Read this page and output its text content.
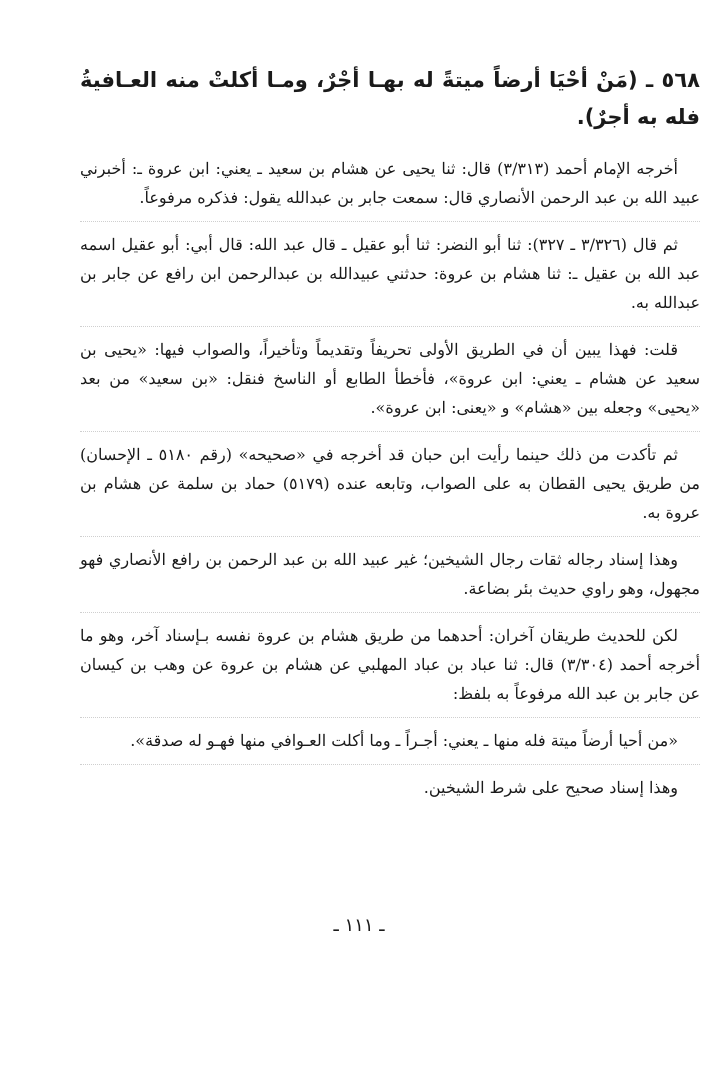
٥٦٨ ـ (مَنْ أحْيَا أرضاً ميتةً له بهـا أجْرٌ، ومـا أكلتْ منه العـافيةُ فله به أجرٌ).

أخرجه الإمام أحمد (٣/٣١٣) قال: ثنا يحيى عن هشام بن سعيد ـ يعني: ابن عروة ـ: أخبرني عبيد الله بن عبد الرحمن الأنصاري قال: سمعت جابر بن عبدالله يقول: فذكره مرفوعاً.

ثم قال (٣/٣٢٦ ـ ٣٢٧): ثنا أبو النضر: ثنا أبو عقيل ـ قال عبد الله: قال أبي: أبو عقيل اسمه عبد الله بن عقيل ـ: ثنا هشام بن عروة: حدثني عبيدالله بن عبدالرحمن ابن رافع عن جابر بن عبدالله به.

قلت: فهذا يبين أن في الطريق الأولى تحريفاً وتقديماً وتأخيراً، والصواب فيها: «يحيى بن سعيد عن هشام ـ يعني: ابن عروة»، فأخطأ الطابع أو الناسخ فنقل: «بن سعيد» من بعد «يحيى» وجعله بين «هشام» و «يعنى: ابن عروة».

ثم تأكدت من ذلك حينما رأيت ابن حبان قد أخرجه في «صحيحه» (رقم ٥١٨٠ ـ الإحسان) من طريق يحيى القطان به على الصواب، وتابعه عنده (٥١٧٩) حماد بن سلمة عن هشام بن عروة به.

وهذا إسناد رجاله ثقات رجال الشيخين؛ غير عبيد الله بن عبد الرحمن بن رافع الأنصاري فهو مجهول، وهو راوي حديث بئر بضاعة.

لكن للحديث طريقان آخران: أحدهما من طريق هشام بن عروة نفسه بـإسناد آخر، وهو ما أخرجه أحمد (٣/٣٠٤) قال: ثنا عباد بن عباد المهلبي عن هشام بن عروة عن وهب بن كيسان عن جابر بن عبد الله مرفوعاً به بلفظ:

«من أحيا أرضاً ميتة فله منها ـ يعني: أجـراً ـ وما أكلت العـوافي منها فهـو له صدقة».

وهذا إسناد صحيح على شرط الشيخين.

ـ ١١١ ـ
